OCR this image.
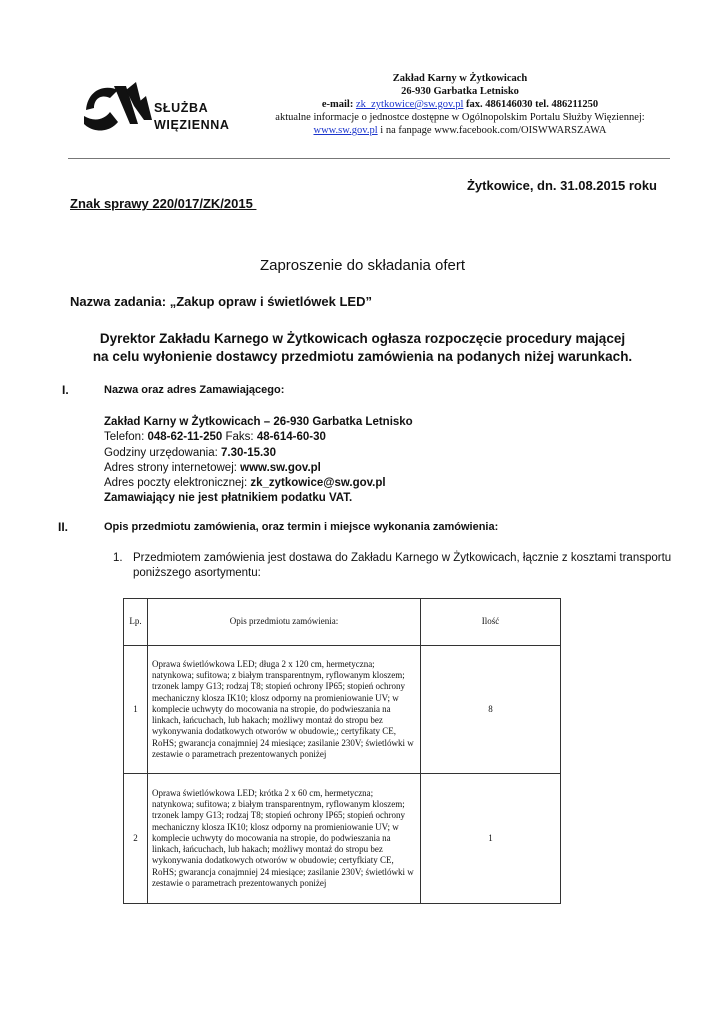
SŁUŻBA
WIĘZIENNA
Zakład Karny w Żytkowicach
26-930 Garbatka Letnisko
e-mail: zk_zytkowice@sw.gov.pl fax. 486146030 tel. 486211250
aktualne informacje o jednostce dostępne w Ogólnopolskim Portalu Służby Więziennej:
www.sw.gov.pl i na fanpage www.facebook.com/OISWWARSZAWA
Żytkowice, dn. 31.08.2015 roku
Znak sprawy 220/017/ZK/2015
Zaproszenie do składania ofert
Nazwa zadania: „Zakup opraw i świetlówek LED”
Dyrektor Zakładu Karnego w Żytkowicach ogłasza rozpoczęcie procedury mającej
na celu wyłonienie dostawcy przedmiotu zamówienia na podanych niżej warunkach.
I.	Nazwa oraz adres Zamawiającego:
Zakład Karny w Żytkowicach – 26-930 Garbatka Letnisko
Telefon: 048-62-11-250 Faks: 48-614-60-30
Godziny urzędowania: 7.30-15.30
Adres strony internetowej: www.sw.gov.pl
Adres poczty elektronicznej: zk_zytkowice@sw.gov.pl
Zamawiający nie jest płatnikiem podatku VAT.
II.	Opis przedmiotu zamówienia, oraz termin i miejsce wykonania zamówienia:
1. Przedmiotem zamówienia jest dostawa do Zakładu Karnego w Żytkowicach, łącznie z kosztami transportu
poniższego asortymentu:
Lp.	Opis przedmiotu zamówienia:	Ilość
1	Oprawa świetlówkowa LED; długa 2 x 120 cm, hermetyczna; natynkowa; sufitowa; z białym transparentnym, ryflowanym kloszem; trzonek lampy G13; rodzaj T8; stopień ochrony IP65; stopień ochrony mechaniczny klosza IK10; klosz odporny na promieniowanie UV; w komplecie uchwyty do mocowania na stropie, do podwieszania na linkach, łańcuchach, lub hakach; możliwy montaż do stropu bez wykonywania dodatkowych otworów w obudowie,; certyfikaty CE, RoHS; gwarancja conajmniej 24 miesiące; zasilanie 230V; świetlówki w zestawie o parametrach prezentowanych poniżej	8
2	Oprawa świetlówkowa LED; krótka 2 x 60 cm, hermetyczna; natynkowa; sufitowa; z białym transparentnym, ryflowanym kloszem; trzonek lampy G13; rodzaj T8; stopień ochrony IP65; stopień ochrony mechaniczny klosza IK10; klosz odporny na promieniowanie UV; w komplecie uchwyty do mocowania na stropie, do podwieszania na linkach, łańcuchach, lub hakach; możliwy montaż do stropu bez wykonywania dodatkowych otworów w obudowie; certyfkiaty CE, RoHS; gwarancja conajmniej 24 miesiące; zasilanie 230V; świetlówki w zestawie o parametrach prezentowanych poniżej	1
